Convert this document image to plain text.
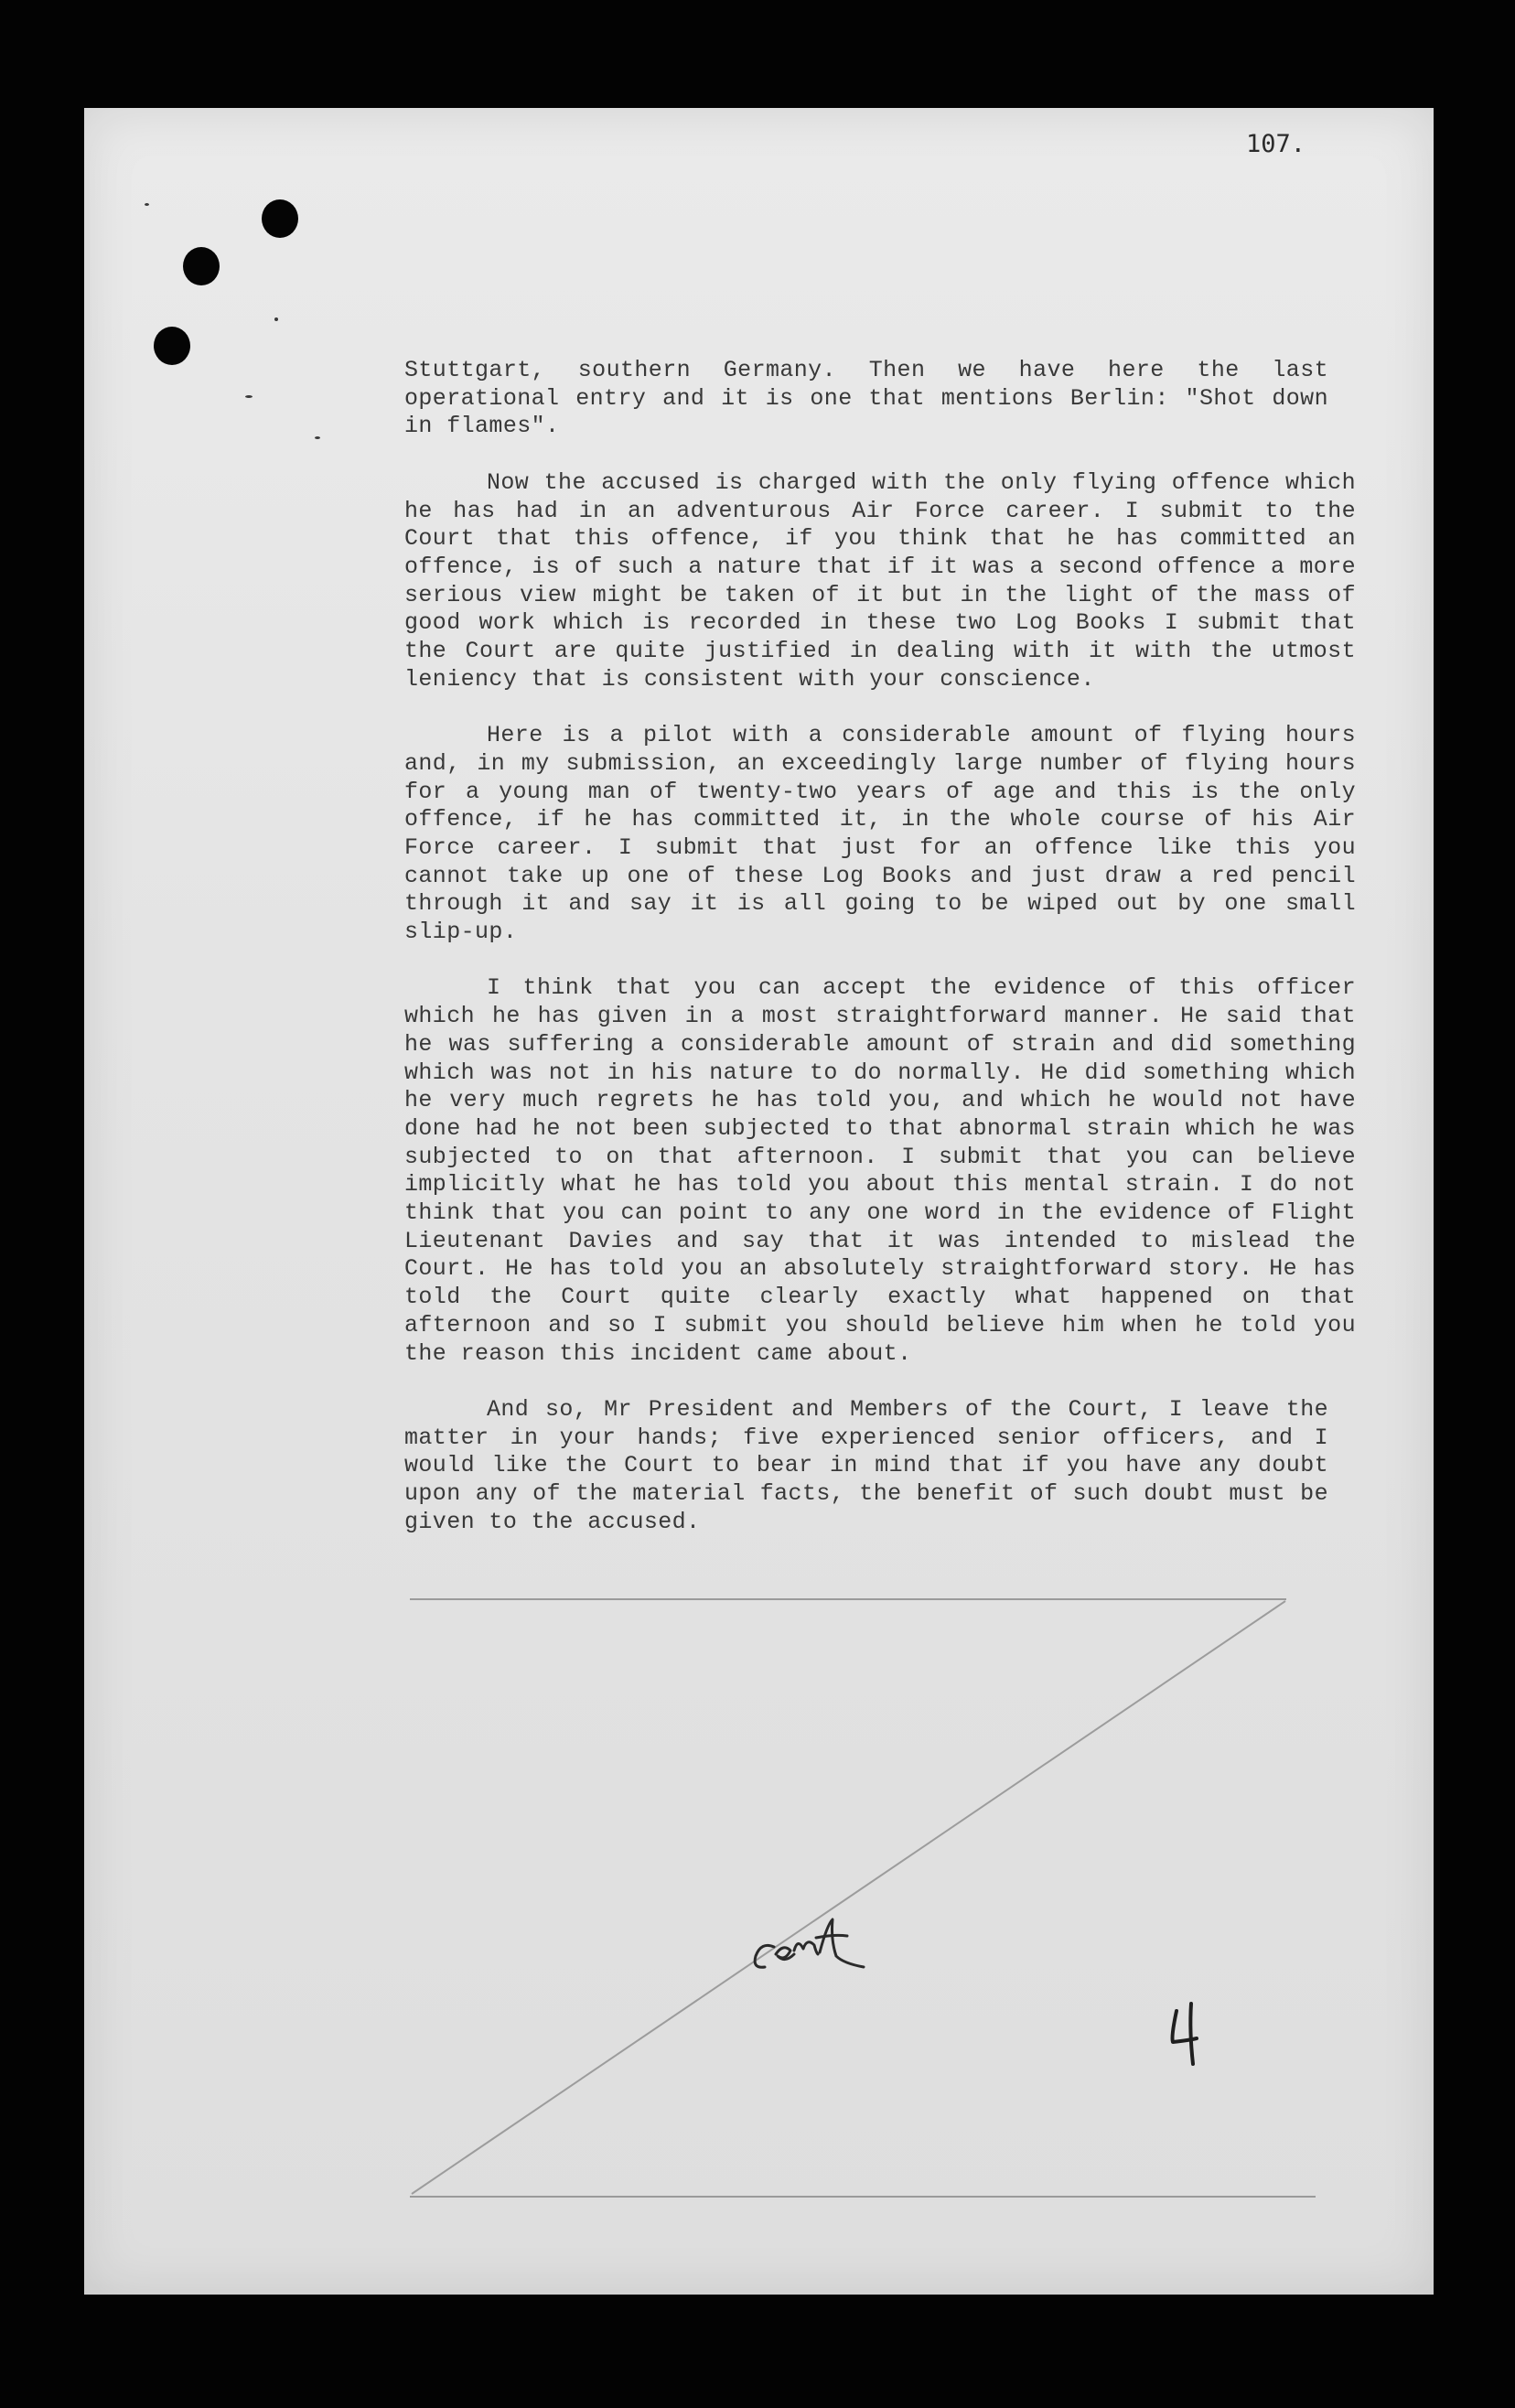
107.

Stuttgart, southern Germany. Then we have here the last operational entry and it is one that mentions Berlin: "Shot down in flames".

Now the accused is charged with the only flying offence which he has had in an adventurous Air Force career. I submit to the Court that this offence, if you think that he has committed an offence, is of such a nature that if it was a second offence a more serious view might be taken of it but in the light of the mass of good work which is recorded in these two Log Books I submit that the Court are quite justified in dealing with it with the utmost leniency that is consistent with your conscience.

Here is a pilot with a considerable amount of flying hours and, in my submission, an exceedingly large number of flying hours for a young man of twenty-two years of age and this is the only offence, if he has committed it, in the whole course of his Air Force career. I submit that just for an offence like this you cannot take up one of these Log Books and just draw a red pencil through it and say it is all going to be wiped out by one small slip-up.

I think that you can accept the evidence of this officer which he has given in a most straightforward manner. He said that he was suffering a considerable amount of strain and did something which was not in his nature to do normally. He did something which he very much regrets he has told you, and which he would not have done had he not been subjected to that abnormal strain which he was subjected to on that afternoon. I submit that you can believe implicitly what he has told you about this mental strain. I do not think that you can point to any one word in the evidence of Flight Lieutenant Davies and say that it was intended to mislead the Court. He has told you an absolutely straightforward story. He has told the Court quite clearly exactly what happened on that afternoon and so I submit you should believe him when he told you the reason this incident came about.

And so, Mr President and Members of the Court, I leave the matter in your hands; five experienced senior officers, and I would like the Court to bear in mind that if you have any doubt upon any of the material facts, the benefit of such doubt must be given to the accused.
